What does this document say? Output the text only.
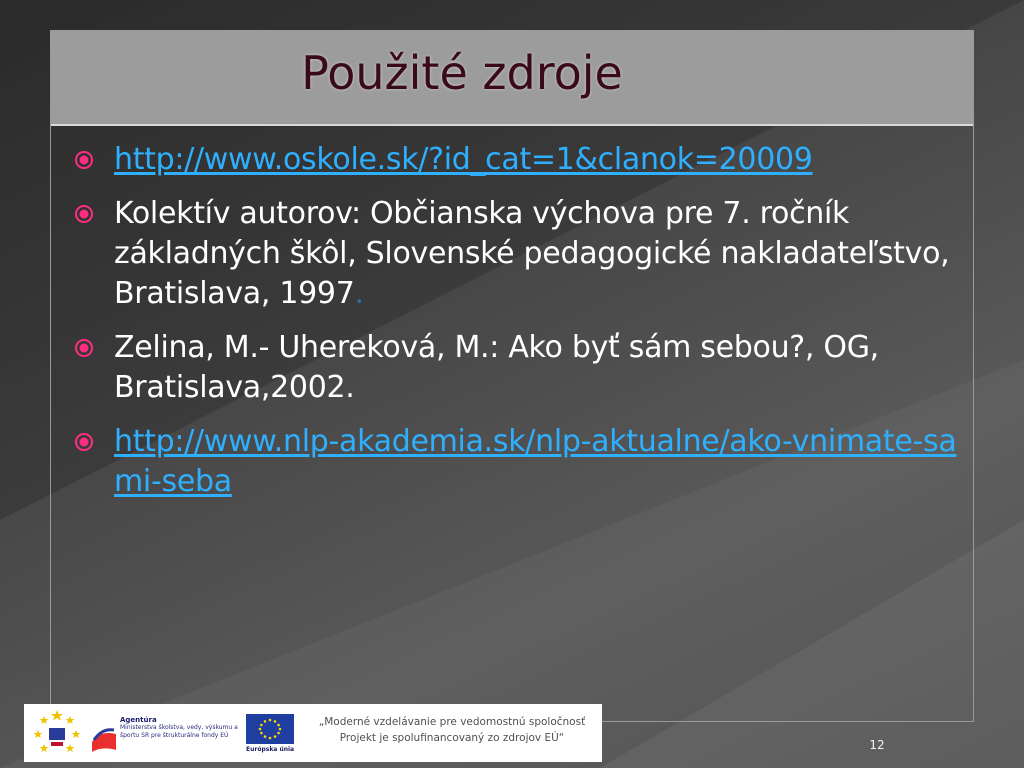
Použité zdroje
http://www.oskole.sk/?id_cat=1&clanok=20009
Kolektív autorov: Občianska výchova pre 7. ročník základných škôl, Slovenské pedagogické nakladateľstvo, Bratislava, 1997.
Zelina, M.- Uhereková, M.: Ako byť sám sebou?, OG, Bratislava,2002.
http://www.nlp-akademia.sk/nlp-aktualne/ako-vnimate-sami-seba
Agentúra
Ministerstva školstva, vedy, výskumu a športu SR pre štrukturálne fondy EÚ
Európska únia
„Moderné vzdelávanie pre vedomostnú spoločnosť
Projekt je spolufinancovaný zo zdrojov EÚ“	12
